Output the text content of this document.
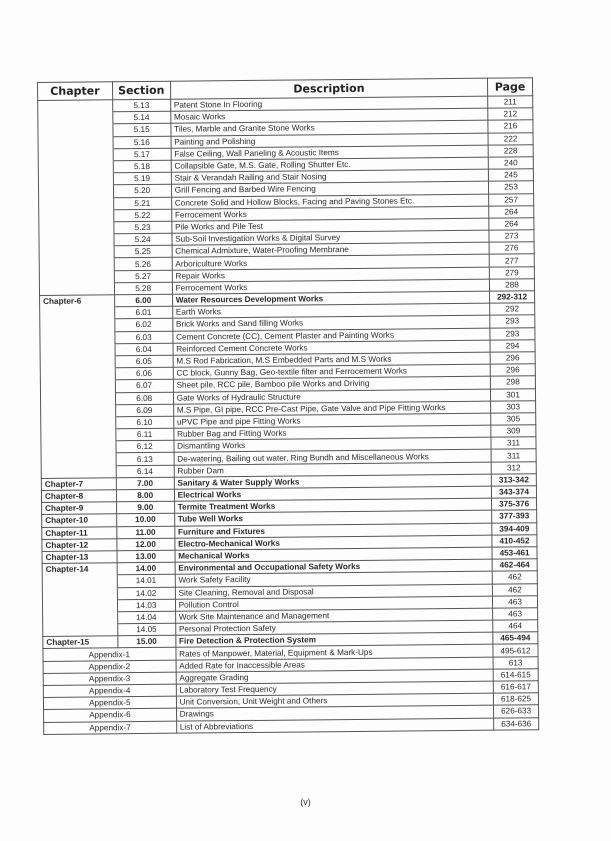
Chapter	Section	Description	Page
	5.13	Patent Stone In Flooring	211
	5.14	Mosaic Works	212
	5.15	Tiles, Marble and Granite Stone Works	216
	5.16	Painting and Polishing	222
	5.17	False Ceiling, Wall Paneling & Acoustic Items	228
	5.18	Collapsible Gate, M.S. Gate, Rolling Shutter Etc.	240
	5.19	Stair & Verandah Railing and Stair Nosing	245
	5.20	Grill Fencing and Barbed Wire Fencing	253
	5.21	Concrete Solid and Hollow Blocks, Facing and Paving Stones Etc.	257
	5.22	Ferrocement Works	264
	5.23	Pile Works and Pile Test	264
	5.24	Sub-Soil Investigation Works & Digital Survey	273
	5.25	Chemical Admixture, Water-Proofing Membrane	276
	5.26	Arboriculture Works	277
	5.27	Repair Works	279
	5.28	Ferrocement Works	288
Chapter-6	6.00	Water Resources Development Works	292-312
	6.01	Earth Works	292
	6.02	Brick Works and Sand filling Works	293
	6.03	Cement Concrete (CC), Cement Plaster and Painting Works	293
	6.04	Reinforced Cement Concrete Works	294
	6.05	M.S Rod Fabrication, M.S Embedded Parts and M.S Works	296
	6.06	CC block, Gunny Bag, Geo-textile filter and Ferrocement Works	296
	6.07	Sheet pile, RCC pile, Bamboo pile Works and Driving	298
	6.08	Gate Works of Hydraulic Structure	301
	6.09	M.S Pipe, GI pipe, RCC Pre-Cast Pipe, Gate Valve and Pipe Fitting Works	303
	6.10	uPVC Pipe and pipe Fitting Works	305
	6.11	Rubber Bag and Fitting Works	309
	6.12	Dismantling Works	311
	6.13	De-watering, Bailing out water, Ring Bundh and Miscellaneous Works	311
	6.14	Rubber Dam	312
Chapter-7	7.00	Sanitary & Water Supply Works	313-342
Chapter-8	8.00	Electrical Works	343-374
Chapter-9	9.00	Termite Treatment Works	375-376
Chapter-10	10.00	Tube Well Works	377-393
Chapter-11	11.00	Furniture and Fixtures	394-409
Chapter-12	12.00	Electro-Mechanical Works	410-452
Chapter-13	13.00	Mechanical Works	453-461
Chapter-14	14.00	Environmental and Occupational Safety Works	462-464
	14.01	Work Safety Facility	462
	14.02	Site Cleaning, Removal and Disposal	462
	14.03	Pollution Control	463
	14.04	Work Site Maintenance and Management	463
	14.05	Personal Protection Safety	464
Chapter-15	15.00	Fire Detection & Protection System	465-494
Appendix-1		Rates of Manpower, Material, Equipment & Mark-Ups	495-612
Appendix-2		Added Rate for Inaccessible Areas	613
Appendix-3		Aggregate Grading	614-615
Appendix-4		Laboratory Test Frequency	616-617
Appendix-5		Unit Conversion, Unit Weight and Others	618-625
Appendix-6		Drawings	626-633
Appendix-7		List of Abbreviations	634-636
(v)
